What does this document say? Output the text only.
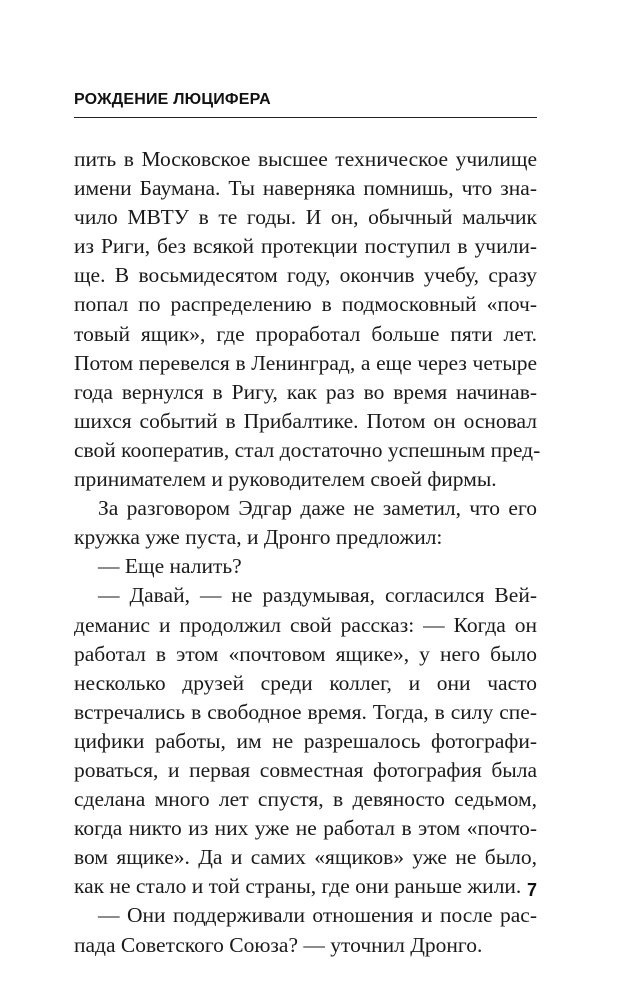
РОЖДЕНИЕ ЛЮЦИФЕРА
пить в Московское высшее техническое училище
имени Баумана. Ты наверняка помнишь, что зна-
чило МВТУ в те годы. И он, обычный мальчик
из Риги, без всякой протекции поступил в учили-
ще. В восьмидесятом году, окончив учебу, сразу
попал по распределению в подмосковный «поч-
товый ящик», где проработал больше пяти лет.
Потом перевелся в Ленинград, а еще через четыре
года вернулся в Ригу, как раз во время начинав-
шихся событий в Прибалтике. Потом он основал
свой кооператив, стал достаточно успешным пред-
принимателем и руководителем своей фирмы.
За разговором Эдгар даже не заметил, что его
кружка уже пуста, и Дронго предложил:
— Еще налить?
— Давай, — не раздумывая, согласился Вей-
деманис и продолжил свой рассказ: — Когда он
работал в этом «почтовом ящике», у него было
несколько друзей среди коллег, и они часто
встречались в свободное время. Тогда, в силу спе-
цифики работы, им не разрешалось фотографи-
роваться, и первая совместная фотография была
сделана много лет спустя, в девяносто седьмом,
когда никто из них уже не работал в этом «почто-
вом ящике». Да и самих «ящиков» уже не было,
как не стало и той страны, где они раньше жили.
— Они поддерживали отношения и после рас-
пада Советского Союза? — уточнил Дронго.
7
